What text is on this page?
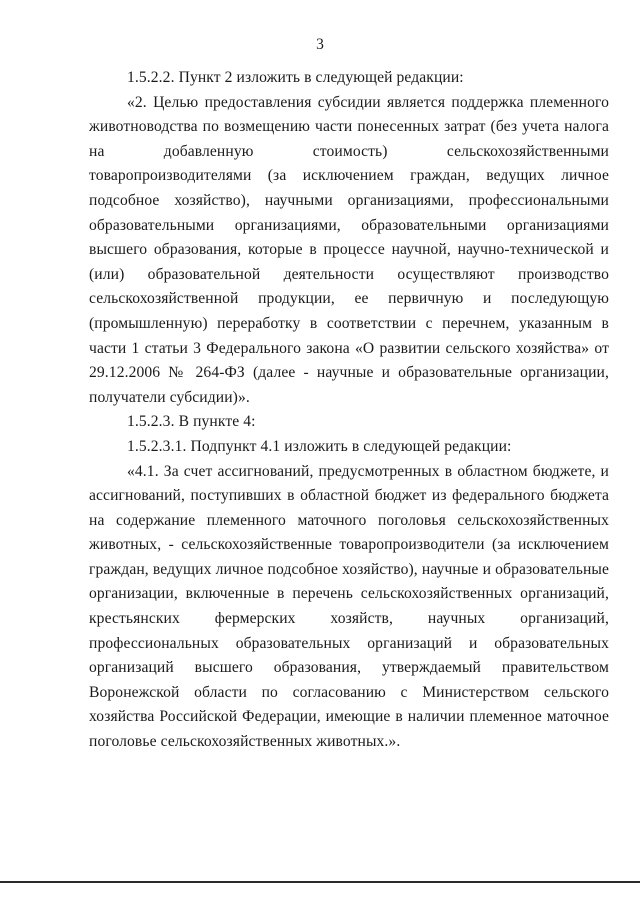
3

1.5.2.2. Пункт 2 изложить в следующей редакции:

«2. Целью предоставления субсидии является поддержка племенного животноводства по возмещению части понесенных затрат (без учета налога на добавленную стоимость) сельскохозяйственными товаропроизводителями (за исключением граждан, ведущих личное подсобное хозяйство), научными организациями, профессиональными образовательными организациями, образовательными организациями высшего образования, которые в процессе научной, научно-технической и (или) образовательной деятельности осуществляют производство сельскохозяйственной продукции, ее первичную и последующую (промышленную) переработку в соответствии с перечнем, указанным в части 1 статьи 3 Федерального закона «О развитии сельского хозяйства» от 29.12.2006 № 264-ФЗ (далее - научные и образовательные организации, получатели субсидии)».

1.5.2.3. В пункте 4:

1.5.2.3.1. Подпункт 4.1 изложить в следующей редакции:

«4.1. За счет ассигнований, предусмотренных в областном бюджете, и ассигнований, поступивших в областной бюджет из федерального бюджета на содержание племенного маточного поголовья сельскохозяйственных животных, - сельскохозяйственные товаропроизводители (за исключением граждан, ведущих личное подсобное хозяйство), научные и образовательные организации, включенные в перечень сельскохозяйственных организаций, крестьянских фермерских хозяйств, научных организаций, профессиональных образовательных организаций и образовательных организаций высшего образования, утверждаемый правительством Воронежской области по согласованию с Министерством сельского хозяйства Российской Федерации, имеющие в наличии племенное маточное поголовье сельскохозяйственных животных.».
